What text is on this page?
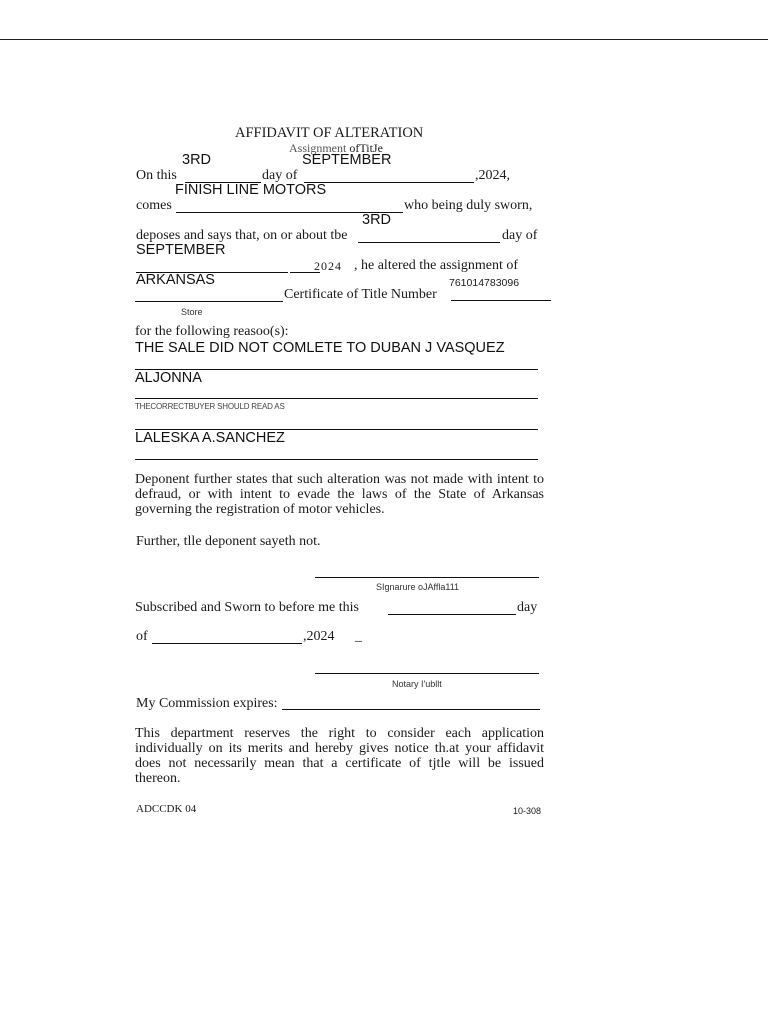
AFFIDAVIT OF ALTERATION
Assignment ofTitJe
3RD	SEPTEMBER
On this	day of	,2024,
FINISH LINE MOTORS
comes	who being duly sworn,
3RD
deposes and says that, on or about tbe	day of
SEPTEMBER
2024 , he altered the assignment of
ARKANSAS	761014783096
Certificate of Title Number
Store
for the following reasoo(s):
THE SALE DID NOT COMLETE TO DUBAN J VASQUEZ
ALJONNA
THECORRECTBUYER SHOULD READ AS
LALESKA A.SANCHEZ
Deponent further states that such alteration was not made with intent to defraud, or with intent to evade the laws of the State of Arkansas governing the registration of motor vehicles.
Further, tlle deponent sayeth not.
SIgnarure oJAffla111
Subscribed and Sworn to before me this	day
of	,2024 _
Notary I'ubllt
My Commission expires:
This department reserves the right to consider each application individually on its merits and hereby gives notice th.at your affidavit does not necessarily mean that a certificate of tjtle will be issued thereon.
ADCCDK 04	10-308
